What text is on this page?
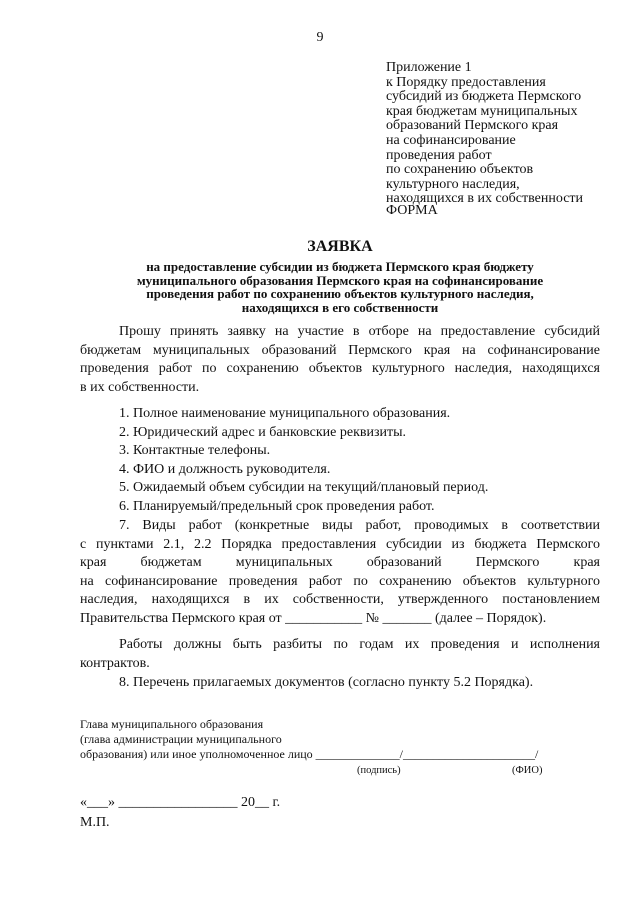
9
Приложение 1
к Порядку предоставления
субсидий из бюджета Пермского
края бюджетам муниципальных
образований Пермского края
на софинансирование
проведения работ
по сохранению объектов
культурного наследия,
находящихся в их собственности
ФОРМА
ЗАЯВКА
на предоставление субсидии из бюджета Пермского края бюджету
муниципального образования Пермского края на софинансирование
проведения работ по сохранению объектов культурного наследия,
находящихся в его собственности
Прошу принять заявку на участие в отборе на предоставление субсидий
бюджетам муниципальных образований Пермского края на софинансирование
проведения работ по сохранению объектов культурного наследия, находящихся
в их собственности.
1. Полное наименование муниципального образования.
2. Юридический адрес и банковские реквизиты.
3. Контактные телефоны.
4. ФИО и должность руководителя.
5. Ожидаемый объем субсидии на текущий/плановый период.
6. Планируемый/предельный срок проведения работ.
7. Виды работ (конкретные виды работ, проводимых в соответствии
с пунктами 2.1, 2.2 Порядка предоставления субсидии из бюджета Пермского
края бюджетам муниципальных образований Пермского края
на софинансирование проведения работ по сохранению объектов культурного
наследия, находящихся в их собственности, утвержденного постановлением
Правительства Пермского края от ___________ № _______ (далее – Порядок).
Работы должны быть разбиты по годам их проведения и исполнения
контрактов.
8. Перечень прилагаемых документов (согласно пункту 5.2 Порядка).
Глава муниципального образования
(глава администрации муниципального
образования) или иное уполномоченное лицо ______________/______________________/
(подпись)	(ФИО)
«___» _________________ 20__ г.
М.П.
